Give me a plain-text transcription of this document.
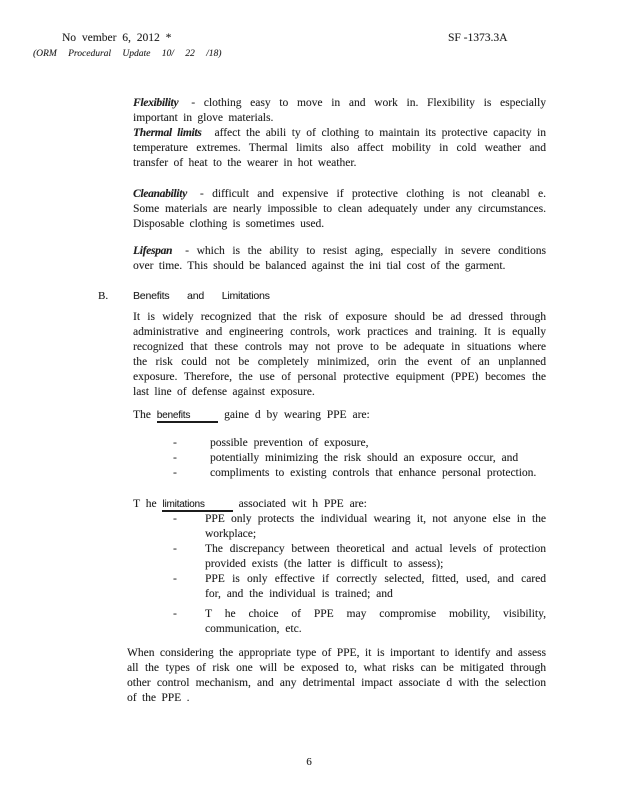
No vember 6, 2012 *
(ORM Procedural Update 10/ 22 /18)
SF -1373.3A

Flexibility - clothing easy to move in and work in. Flexibility is especially important in glove materials.

Thermal limits affect the abili ty of clothing to maintain its protective capacity in temperature extremes. Thermal limits also affect mobility in cold weather and transfer of heat to the wearer in hot weather.

Cleanability - difficult and expensive if protective clothing is not cleanabl e. Some materials are nearly impossible to clean adequately under any circumstances. Disposable clothing is sometimes used.

Lifespan - which is the ability to resist aging, especially in severe conditions over time. This should be balanced against the ini tial cost of the garment.

B.	Benefits and Limitations

It is widely recognized that the risk of exposure should be ad dressed through administrative and engineering controls, work practices and training. It is equally recognized that these controls may not prove to be adequate in situations where the risk could not be completely minimized, orin the event of an unplanned exposure. Therefore, the use of personal protective equipment (PPE) becomes the last line of defense against exposure.

The benefits	gaine d by wearing PPE are:
-	possible prevention of exposure,
-	potentially minimizing the risk should an exposure occur, and
-	compliments to existing controls that enhance personal protection.
T he limitations	associated wit h PPE are:
-	PPE only protects the individual wearing it, not anyone else in the workplace;
-	The discrepancy between theoretical and actual levels of protection provided exists (the latter is difficult to assess);
-	PPE is only effective if correctly selected, fitted, used, and cared for, and the individual is trained; and
-	T he choice of PPE may compromise mobility, visibility, communication, etc.

When considering the appropriate type of PPE, it is important to identify and assess all the types of risk one will be exposed to, what risks can be mitigated through other control mechanism, and any detrimental impact associate d with the selection of the PPE .

6
